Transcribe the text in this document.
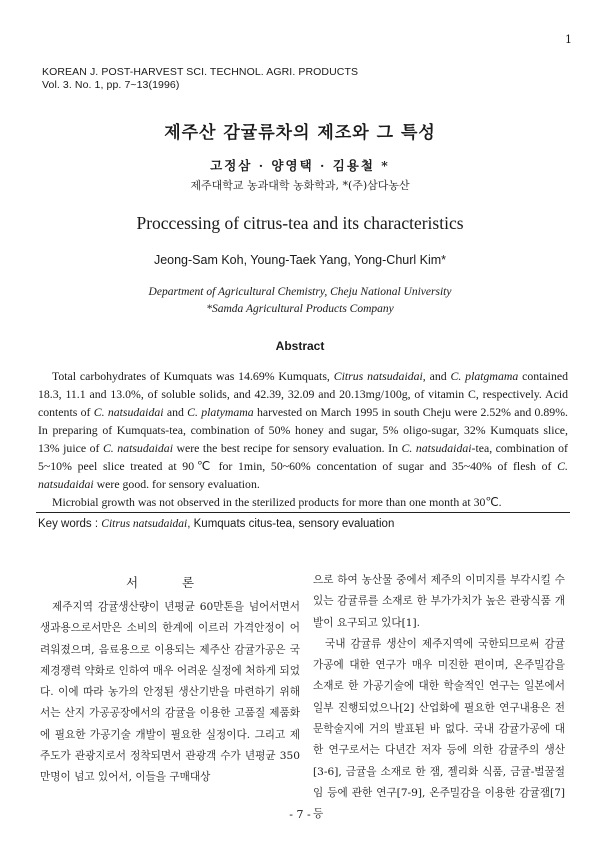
1
KOREAN J. POST-HARVEST SCI. TECHNOL. AGRI. PRODUCTS
Vol. 3. No. 1, pp. 7~13(1996)
제주산 감귤류차의 제조와 그 특성
고정삼 · 양영택 · 김용철 *
제주대학교 농과대학 농화학과, *(주)삼다농산
Proccessing of citrus-tea and its characteristics
Jeong-Sam Koh, Young-Taek Yang, Yong-Churl Kim*
Department of Agricultural Chemistry, Cheju National University
*Samda Agricultural Products Company
Abstract

Total carbohydrates of Kumquats was 14.69% Kumquats, Citrus natsudaidai, and C. platgmama contained 18.3, 11.1 and 13.0%, of soluble solids, and 42.39, 32.09 and 20.13mg/100g, of vitamin C, respectively. Acid contents of C. natsudaidai and C. platymama harvested on March 1995 in south Cheju were 2.52% and 0.89%. In preparing of Kumquats-tea, combination of 50% honey and sugar, 5% oligo-sugar, 32% Kumquats slice, 13% juice of C. natsudaidai were the best recipe for sensory evaluation. In C. natsudaidai-tea, combination of 5~10% peel slice treated at 90℃ for 1min, 50~60% concentation of sugar and 35~40% of flesh of C. natsudaidai were good. for sensory evaluation.

Microbial growth was not observed in the sterilized products for more than one month at 30℃.

Key words : Citrus natsudaidai, Kumquats citus-tea, sensory evaluation
서 론

제주지역 감귤생산량이 년평균 60만톤을 넘어서면서 생과용으로서만은 소비의 한계에 이르러 가격안정이 어려워졌으며, 음료용으로 이용되는 제주산 감귤가공은 국제경쟁력 약화로 인하여 매우 어려운 실정에 처하게 되었다. 이에 따라 농가의 안정된 생산기반을 마련하기 위해서는 산지 가공공장에서의 감귤을 이용한 고품질 제품화에 필요한 가공기술 개발이 필요한 실정이다. 그리고 제주도가 관광지로서 정착되면서 관광객 수가 년평균 350만명이 넘고 있어서, 이들을 구매대상

으로 하여 농산물 중에서 제주의 이미지를 부각시킬 수 있는 감귤류를 소재로 한 부가가치가 높은 관광식품 개발이 요구되고 있다[1].

국내 감귤류 생산이 제주지역에 국한되므로써 감귤가공에 대한 연구가 매우 미진한 편이며, 온주밀감을 소재로 한 가공기술에 대한 학술적인 연구는 일본에서 일부 진행되었으나[2] 산업화에 필요한 연구내용은 전문학술지에 거의 발표된 바 없다. 국내 감귤가공에 대한 연구로서는 다년간 저자 등에 의한 감귤주의 생산[3-6], 금귤을 소재로 한 잼, 젤리화 식품, 금귤-벌꿀절임 등에 관한 연구[7-9], 온주밀감을 이용한 감귤잼[7] 등

- 7 -
